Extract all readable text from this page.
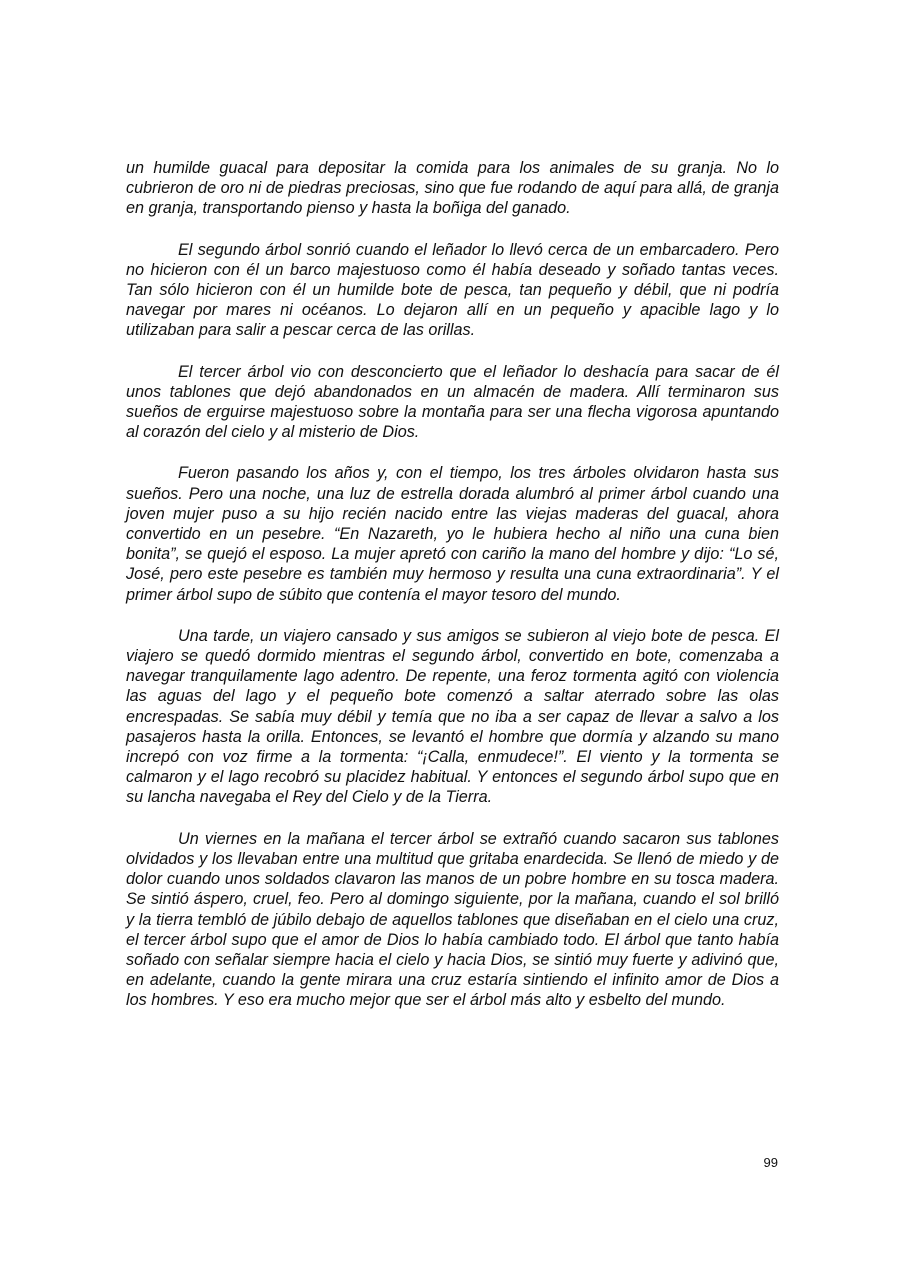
un humilde guacal para depositar la comida para los animales de su granja. No lo cubrieron de oro ni de piedras preciosas, sino que fue rodando de aquí para allá, de granja en granja, transportando pienso y hasta la boñiga del ganado.

El segundo árbol sonrió cuando el leñador lo llevó cerca de un embarcadero. Pero no hicieron con él un barco majestuoso como él había deseado y soñado tantas veces. Tan sólo hicieron con él un humilde bote de pesca, tan pequeño y débil, que ni podría navegar por mares ni océanos. Lo dejaron allí en un pequeño y apacible lago y lo utilizaban para salir a pescar cerca de las orillas.

El tercer árbol vio con desconcierto que el leñador lo deshacía para sacar de él unos tablones que dejó abandonados en un almacén de madera. Allí terminaron sus sueños de erguirse majestuoso sobre la montaña para ser una flecha vigorosa apuntando al corazón del cielo y al misterio de Dios.

Fueron pasando los años y, con el tiempo, los tres árboles olvidaron hasta sus sueños. Pero una noche, una luz de estrella dorada alumbró al primer árbol cuando una joven mujer puso a su hijo recién nacido entre las viejas maderas del guacal, ahora convertido en un pesebre. “En Nazareth, yo le hubiera hecho al niño una cuna bien bonita”, se quejó el esposo. La mujer apretó con cariño la mano del hombre y dijo: “Lo sé, José, pero este pesebre es también muy hermoso y resulta una cuna extraordinaria”. Y el primer árbol supo de súbito que contenía el mayor tesoro del mundo.

Una tarde, un viajero cansado y sus amigos se subieron al viejo bote de pesca. El viajero se quedó dormido mientras el segundo árbol, convertido en bote, comenzaba a navegar tranquilamente lago adentro. De repente, una feroz tormenta agitó con violencia las aguas del lago y el pequeño bote comenzó a saltar aterrado sobre las olas encrespadas. Se sabía muy débil y temía que no iba a ser capaz de llevar a salvo a los pasajeros hasta la orilla. Entonces, se levantó el hombre que dormía y alzando su mano increpó con voz firme a la tormenta: “¡Calla, enmudece!”. El viento y la tormenta se calmaron y el lago recobró su placidez habitual. Y entonces el segundo árbol supo que en su lancha navegaba el Rey del Cielo y de la Tierra.

Un viernes en la mañana el tercer árbol se extrañó cuando sacaron sus tablones olvidados y los llevaban entre una multitud que gritaba enardecida. Se llenó de miedo y de dolor cuando unos soldados clavaron las manos de un pobre hombre en su tosca madera. Se sintió áspero, cruel, feo. Pero al domingo siguiente, por la mañana, cuando el sol brilló y la tierra tembló de júbilo debajo de aquellos tablones que diseñaban en el cielo una cruz, el tercer árbol supo que el amor de Dios lo había cambiado todo. El árbol que tanto había soñado con señalar siempre hacia el cielo y hacia Dios, se sintió muy fuerte y adivinó que, en adelante, cuando la gente mirara una cruz estaría sintiendo el infinito amor de Dios a los hombres. Y eso era mucho mejor que ser el árbol más alto y esbelto del mundo.

99
